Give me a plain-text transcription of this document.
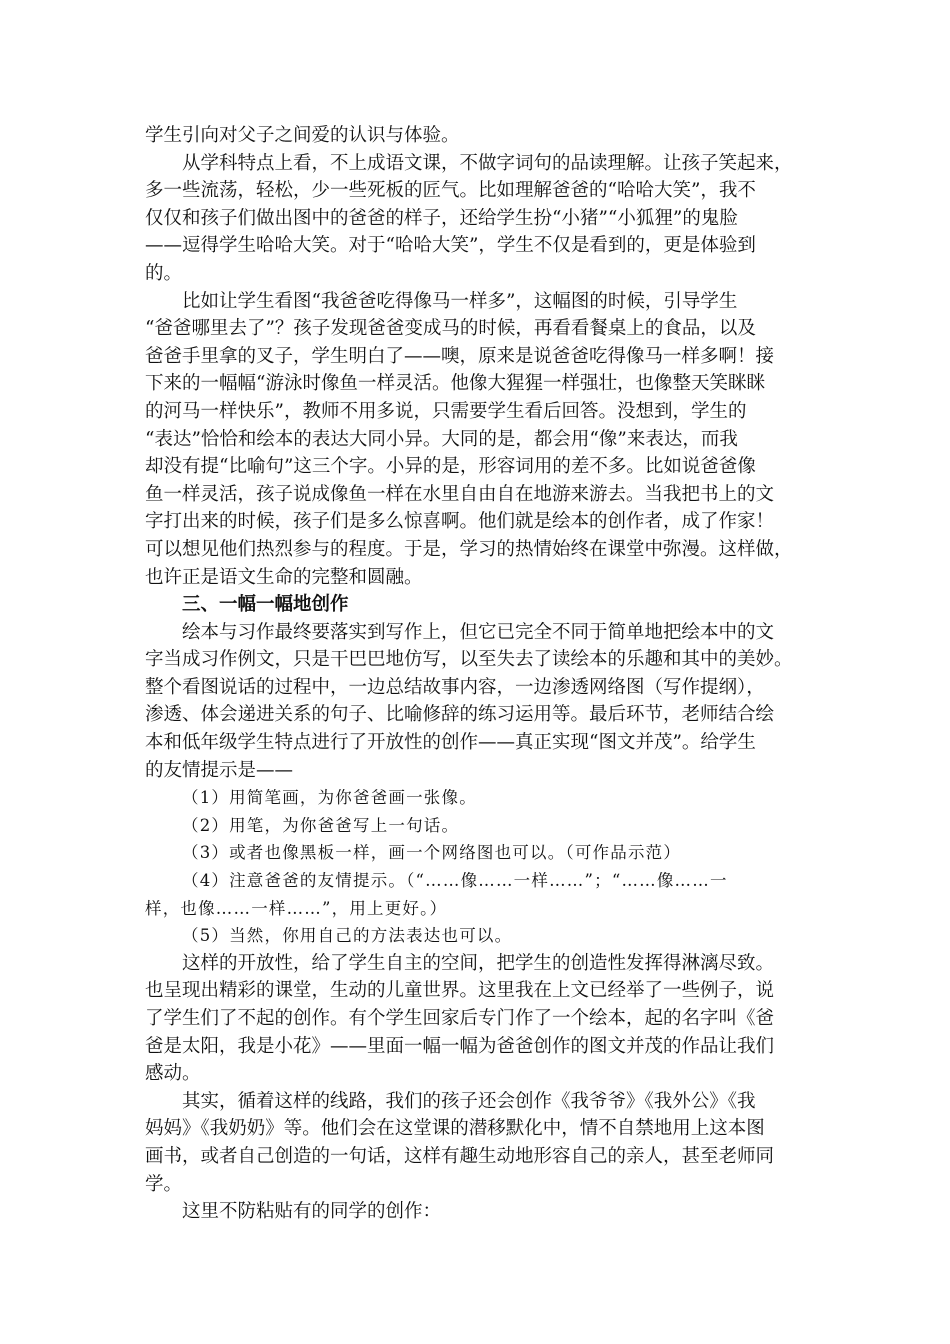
学生引向对父子之间爱的认识与体验。
从学科特点上看，不上成语文课，不做字词句的品读理解。让孩子笑起来，
多一些流荡，轻松，少一些死板的匠气。比如理解爸爸的“哈哈大笑”，我不
仅仅和孩子们做出图中的爸爸的样子，还给学生扮“小猪”“小狐狸”的鬼脸
——逗得学生哈哈大笑。对于“哈哈大笑”，学生不仅是看到的，更是体验到
的。
比如让学生看图“我爸爸吃得像马一样多”，这幅图的时候，引导学生
“爸爸哪里去了”？孩子发现爸爸变成马的时候，再看看餐桌上的食品，以及
爸爸手里拿的叉子，学生明白了——噢，原来是说爸爸吃得像马一样多啊！接
下来的一幅幅“游泳时像鱼一样灵活。他像大猩猩一样强壮，也像整天笑眯眯
的河马一样快乐”，教师不用多说，只需要学生看后回答。没想到，学生的
“表达”恰恰和绘本的表达大同小异。大同的是，都会用“像”来表达，而我
却没有提“比喻句”这三个字。小异的是，形容词用的差不多。比如说爸爸像
鱼一样灵活，孩子说成像鱼一样在水里自由自在地游来游去。当我把书上的文
字打出来的时候，孩子们是多么惊喜啊。他们就是绘本的创作者，成了作家！
可以想见他们热烈参与的程度。于是，学习的热情始终在课堂中弥漫。这样做，
也许正是语文生命的完整和圆融。
三、一幅一幅地创作
绘本与习作最终要落实到写作上，但它已完全不同于简单地把绘本中的文
字当成习作例文，只是干巴巴地仿写，以至失去了读绘本的乐趣和其中的美妙。
整个看图说话的过程中，一边总结故事内容，一边渗透网络图（写作提纲），
渗透、体会递进关系的句子、比喻修辞的练习运用等。最后环节，老师结合绘
本和低年级学生特点进行了开放性的创作——真正实现“图文并茂”。给学生
的友情提示是——
（1）用简笔画，为你爸爸画一张像。
（2）用笔，为你爸爸写上一句话。
（3）或者也像黑板一样，画一个网络图也可以。（可作品示范）
（4）注意爸爸的友情提示。（“……像……一样……”；“……像……一
样，也像……一样……”，用上更好。）
（5）当然，你用自己的方法表达也可以。
这样的开放性，给了学生自主的空间，把学生的创造性发挥得淋漓尽致。
也呈现出精彩的课堂，生动的儿童世界。这里我在上文已经举了一些例子，说
了学生们了不起的创作。有个学生回家后专门作了一个绘本，起的名字叫《爸
爸是太阳，我是小花》——里面一幅一幅为爸爸创作的图文并茂的作品让我们
感动。
其实，循着这样的线路，我们的孩子还会创作《我爷爷》《我外公》《我
妈妈》《我奶奶》等。他们会在这堂课的潜移默化中，情不自禁地用上这本图
画书，或者自己创造的一句话，这样有趣生动地形容自己的亲人，甚至老师同
学。
这里不防粘贴有的同学的创作：
